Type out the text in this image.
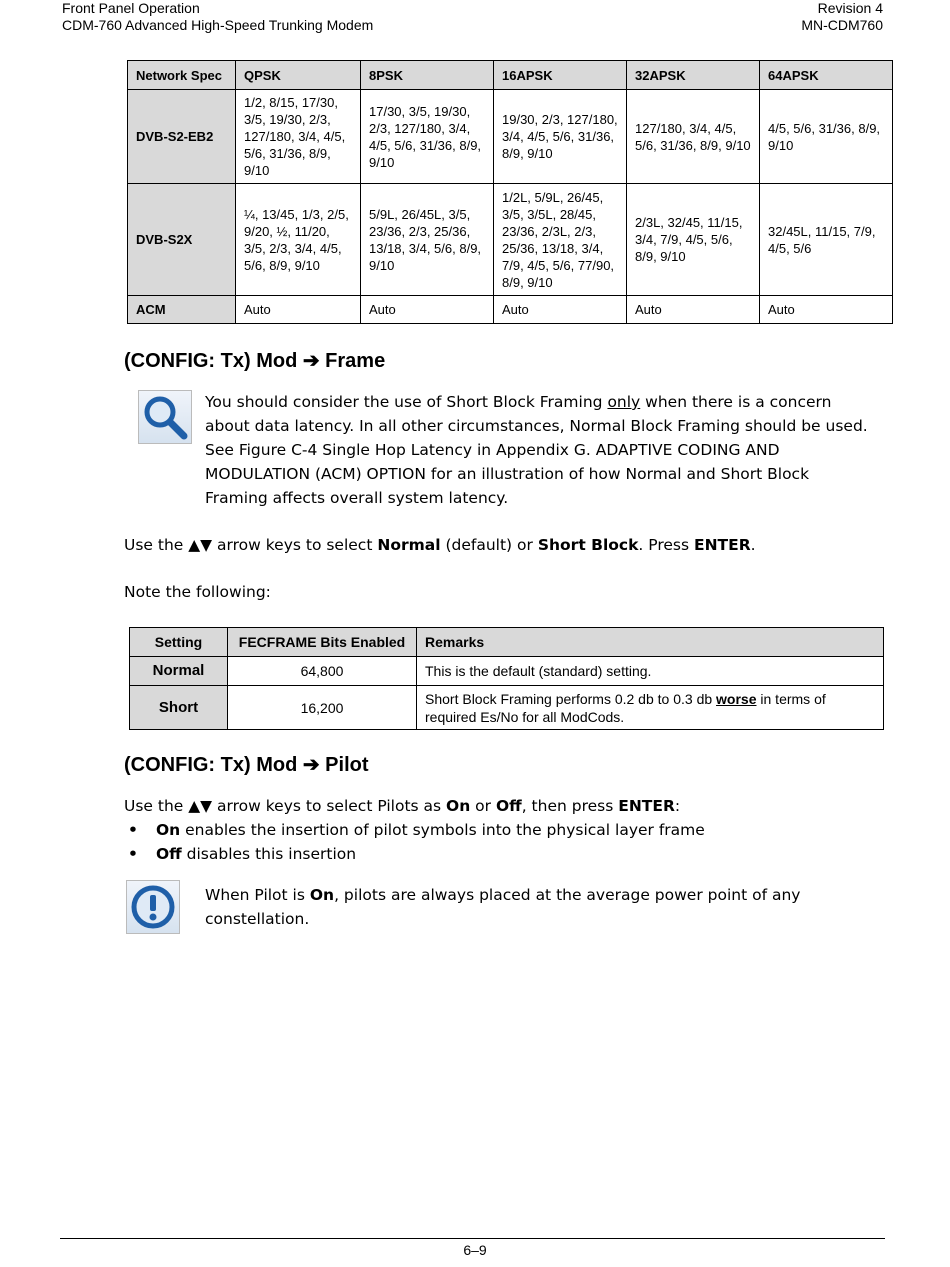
Front Panel Operation
CDM-760 Advanced High-Speed Trunking Modem
Revision 4
MN-CDM760
Network Spec	QPSK	8PSK	16APSK	32APSK	64APSK
DVB-S2-EB2	1/2, 8/15, 17/30, 3/5, 19/30, 2/3, 127/180, 3/4, 4/5, 5/6, 31/36, 8/9, 9/10	17/30, 3/5, 19/30, 2/3, 127/180, 3/4, 4/5, 5/6, 31/36, 8/9, 9/10	19/30, 2/3, 127/180, 3/4, 4/5, 5/6, 31/36, 8/9, 9/10	127/180, 3/4, 4/5, 5/6, 31/36, 8/9, 9/10	4/5, 5/6, 31/36, 8/9, 9/10
DVB-S2X	¼, 13/45, 1/3, 2/5, 9/20, ½, 11/20, 3/5, 2/3, 3/4, 4/5, 5/6, 8/9, 9/10	5/9L, 26/45L, 3/5, 23/36, 2/3, 25/36, 13/18, 3/4, 5/6, 8/9, 9/10	1/2L, 5/9L, 26/45, 3/5, 3/5L, 28/45, 23/36, 2/3L, 2/3, 25/36, 13/18, 3/4, 7/9, 4/5, 5/6, 77/90, 8/9, 9/10	2/3L, 32/45, 11/15, 3/4, 7/9, 4/5, 5/6, 8/9, 9/10	32/45L, 11/15, 7/9, 4/5, 5/6
ACM	Auto	Auto	Auto	Auto	Auto
(CONFIG: Tx) Mod ➔ Frame

You should consider the use of Short Block Framing only when there is a concern about data latency. In all other circumstances, Normal Block Framing should be used. See Figure C-4 Single Hop Latency in Appendix G. ADAPTIVE CODING AND MODULATION (ACM) OPTION for an illustration of how Normal and Short Block Framing affects overall system latency.

Use the ▲▼ arrow keys to select Normal (default) or Short Block. Press ENTER.

Note the following:

Setting	FECFRAME Bits Enabled	Remarks
Normal	64,800	This is the default (standard) setting.
Short	16,200	Short Block Framing performs 0.2 db to 0.3 db worse in terms of required Es/No for all ModCods.
(CONFIG: Tx) Mod ➔ Pilot

Use the ▲▼ arrow keys to select Pilots as On or Off, then press ENTER:

• On enables the insertion of pilot symbols into the physical layer frame
• Off disables this insertion

When Pilot is On, pilots are always placed at the average power point of any constellation.

6–9
